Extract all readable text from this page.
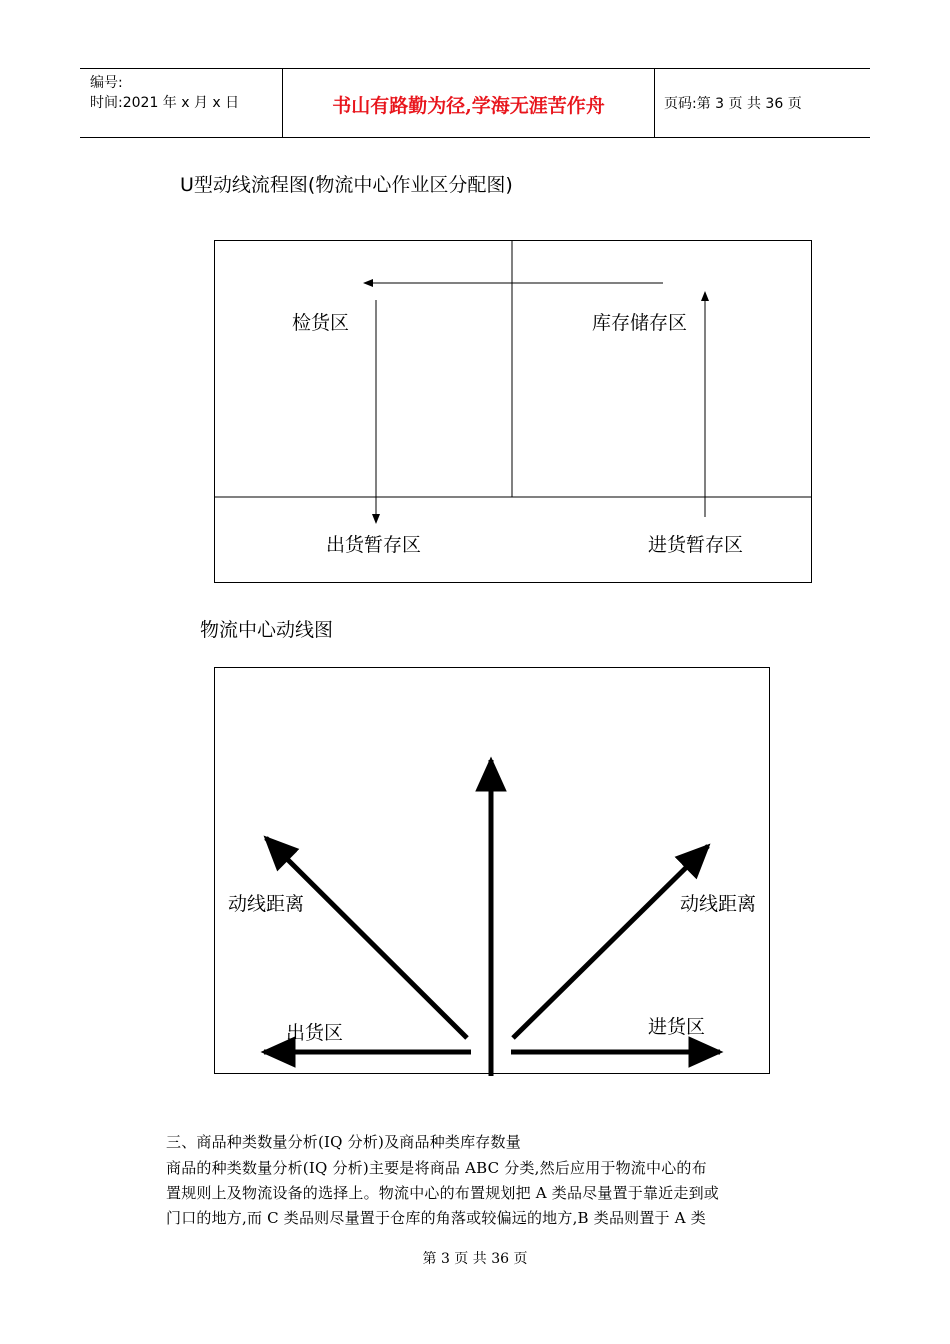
编号:
时间:2021 年 x 月 x 日	书山有路勤为径,学海无涯苦作舟	页码:第 3 页 共 36 页
U型动线流程图(物流中心作业区分配图)
检货区	库存储存区
出货暂存区	进货暂存区
物流中心动线图
动线距离	动线距离
出货区	进货区
三、商品种类数量分析(IQ 分析)及商品种类库存数量
商品的种类数量分析(IQ 分析)主要是将商品 ABC 分类,然后应用于物流中心的布
置规则上及物流设备的选择上。物流中心的布置规划把 A 类品尽量置于靠近走到或
门口的地方,而 C 类品则尽量置于仓库的角落或较偏远的地方,B 类品则置于 A 类
第 3 页 共 36 页
